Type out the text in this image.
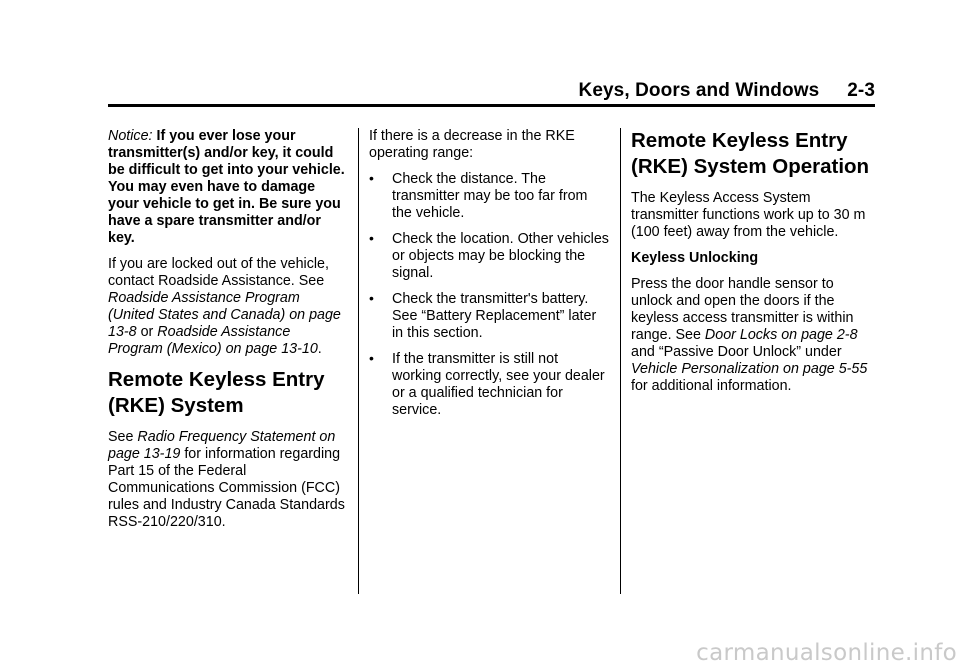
Keys, Doors and Windows 2-3

Notice: If you ever lose your transmitter(s) and/or key, it could be difficult to get into your vehicle. You may even have to damage your vehicle to get in. Be sure you have a spare transmitter and/or key.

If you are locked out of the vehicle, contact Roadside Assistance. See Roadside Assistance Program (United States and Canada) on page 13-8 or Roadside Assistance Program (Mexico) on page 13-10.

Remote Keyless Entry (RKE) System

See Radio Frequency Statement on page 13-19 for information regarding Part 15 of the Federal Communications Commission (FCC) rules and Industry Canada Standards RSS-210/220/310.

If there is a decrease in the RKE operating range:

• Check the distance. The transmitter may be too far from the vehicle.
• Check the location. Other vehicles or objects may be blocking the signal.
• Check the transmitter's battery. See “Battery Replacement” later in this section.
• If the transmitter is still not working correctly, see your dealer or a qualified technician for service.
Remote Keyless Entry (RKE) System Operation

The Keyless Access System transmitter functions work up to 30 m (100 feet) away from the vehicle.

Keyless Unlocking

Press the door handle sensor to unlock and open the doors if the keyless access transmitter is within range. See Door Locks on page 2-8 and “Passive Door Unlock” under Vehicle Personalization on page 5-55 for additional information.

carmanualsonline.info
